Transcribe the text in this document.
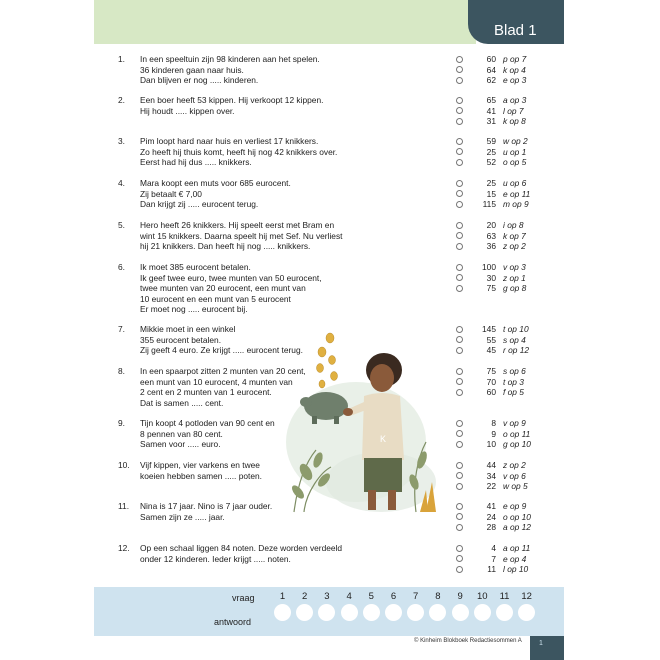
Blad 1
1.	In een speeltuin zijn 98 kinderen aan het spelen.
36 kinderen gaan naar huis.
Dan blijven er nog ..... kinderen.
60 p op 7
64 k op 4
62 e op 3
2.	Een boer heeft 53 kippen. Hij verkoopt 12 kippen.
Hij houdt ..... kippen over.
65 a op 3
41 l op 7
31 k op 8
3.	Pim loopt hard naar huis en verliest 17 knikkers.
Zo heeft hij thuis komt, heeft hij nog 42 knikkers over.
Eerst had hij dus ..... knikkers.
59 w op 2
25 u op 1
52 o op 5
4.	Mara koopt een muts voor 685 eurocent.
Zij betaalt € 7,00
Dan krijgt zij ..... eurocent terug.
25 u op 6
15 e op 11
115 m op 9
5.	Hero heeft 26 knikkers. Hij speelt eerst met Bram en
wint 15 knikkers. Daarna speelt hij met Sef. Nu verliest
hij 21 knikkers. Dan heeft hij nog ..... knikkers.
20 i op 8
63 k op 7
36 z op 2
6.	Ik moet 385 eurocent betalen.
Ik geef twee euro, twee munten van 50 eurocent,
twee munten van 20 eurocent, een munt van
10 eurocent en een munt van 5 eurocent
Er moet nog ..... eurocent bij.
100 v op 3
30 z op 1
75 g op 8
7.	Mikkie moet in een winkel
355 eurocent betalen.
Zij geeft 4 euro. Ze krijgt ..... eurocent terug.
145 t op 10
55 s op 4
45 r op 12
8.	In een spaarpot zitten 2 munten van 20 cent,
een munt van 10 eurocent, 4 munten van
2 cent en 2 munten van 1 eurocent.
Dat is samen ..... cent.
75 s op 6
70 t op 3
60 f op 5
9.	Tijn koopt 4 potloden van 90 cent en
8 pennen van 80 cent.
Samen voor ..... euro.
8 v op 9
9 o op 11
10 g op 10
10.	Vijf kippen, vier varkens en twee
koeien hebben samen ..... poten.
44 z op 2
34 v op 6
22 w op 5
11.	Nina is 17 jaar. Nino is 7 jaar ouder.
Samen zijn ze ..... jaar.
41 e op 9
24 o op 10
28 a op 12
12.	Op een schaal liggen 84 noten. Deze worden verdeeld
onder 12 kinderen. Ieder krijgt ..... noten.
4 a op 11
7 e op 4
11 l op 10
K
vraag
antwoord
1	2	3	4	5	6	7	8	9	10	11	12
© Kinheim Blokboek Redactiesommen A	1
